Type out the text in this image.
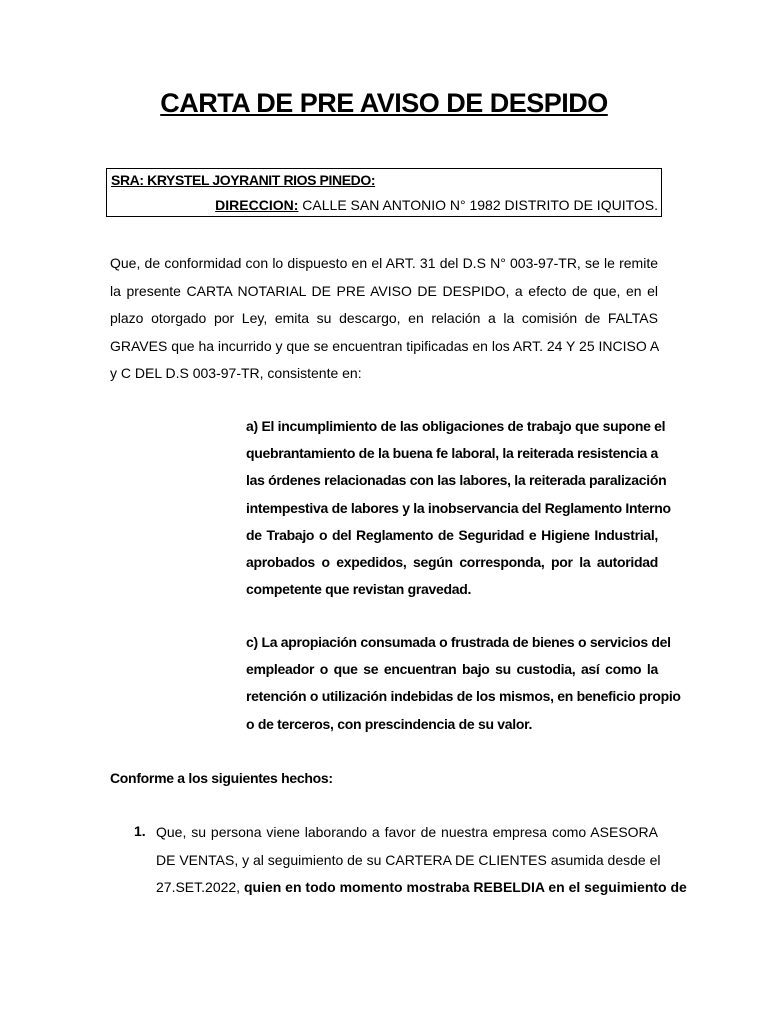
CARTA DE PRE AVISO DE DESPIDO
SRA: KRYSTEL JOYRANIT RIOS PINEDO:
DIRECCION: CALLE SAN ANTONIO N° 1982 DISTRITO DE IQUITOS.
Que, de conformidad con lo dispuesto en el ART. 31 del D.S N° 003-97-TR, se le remite
la presente CARTA NOTARIAL DE PRE AVISO DE DESPIDO, a efecto de que, en el
plazo otorgado por Ley, emita su descargo, en relación a la comisión de FALTAS
GRAVES que ha incurrido y que se encuentran tipificadas en los ART. 24 Y 25 INCISO A
y C DEL D.S 003-97-TR, consistente en:
a) El incumplimiento de las obligaciones de trabajo que supone el
quebrantamiento de la buena fe laboral, la reiterada resistencia a
las órdenes relacionadas con las labores, la reiterada paralización
intempestiva de labores y la inobservancia del Reglamento Interno
de Trabajo o del Reglamento de Seguridad e Higiene Industrial,
aprobados o expedidos, según corresponda, por la autoridad
competente que revistan gravedad.
c) La apropiación consumada o frustrada de bienes o servicios del
empleador o que se encuentran bajo su custodia, así como la
retención o utilización indebidas de los mismos, en beneficio propio
o de terceros, con prescindencia de su valor.
Conforme a los siguientes hechos:
1. Que, su persona viene laborando a favor de nuestra empresa como ASESORA
DE VENTAS, y al seguimiento de su CARTERA DE CLIENTES asumida desde el
27.SET.2022, quien en todo momento mostraba REBELDIA en el seguimiento de
